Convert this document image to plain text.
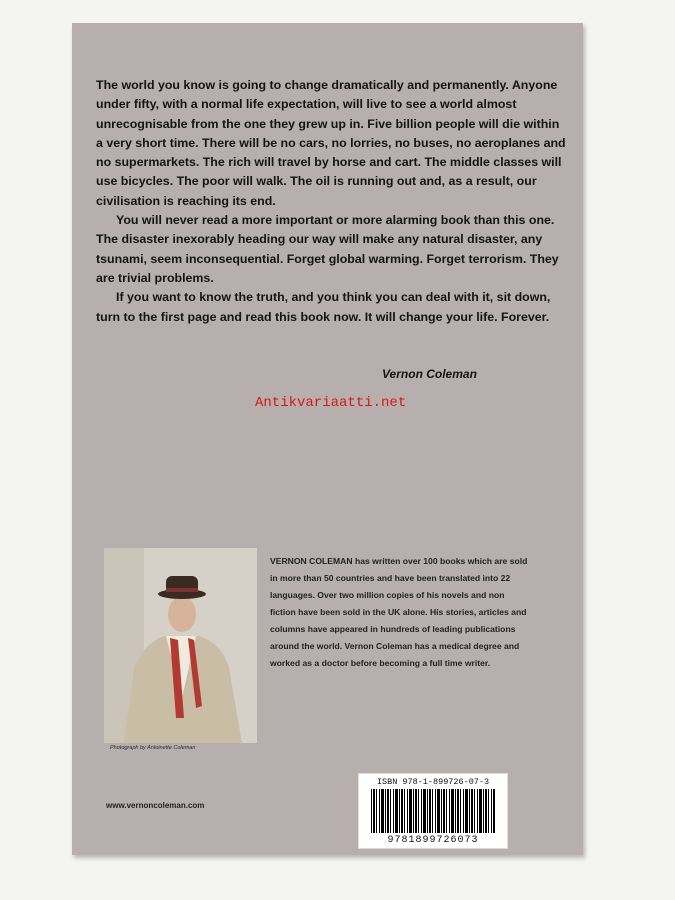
The world you know is going to change dramatically and permanently. Anyone under fifty, with a normal life expectation, will live to see a world almost unrecognisable from the one they grew up in. Five billion people will die within a very short time. There will be no cars, no lorries, no buses, no aeroplanes and no supermarkets. The rich will travel by horse and cart. The middle classes will use bicycles. The poor will walk. The oil is running out and, as a result, our civilisation is reaching its end.

You will never read a more important or more alarming book than this one. The disaster inexorably heading our way will make any natural disaster, any tsunami, seem inconsequential. Forget global warming. Forget terrorism. They are trivial problems.

If you want to know the truth, and you think you can deal with it, sit down, turn to the first page and read this book now. It will change your life. Forever.

Vernon Coleman
Antikvariaatti.net
Photograph by Antoinette Coleman
VERNON COLEMAN has written over 100 books which are sold in more than 50 countries and have been translated into 22 languages. Over two million copies of his novels and non fiction have been sold in the UK alone. His stories, articles and columns have appeared in hundreds of leading publications around the world. Vernon Coleman has a medical degree and worked as a doctor before becoming a full time writer.
www.vernoncoleman.com
ISBN 978-1-899726-07-3
9781899726073
